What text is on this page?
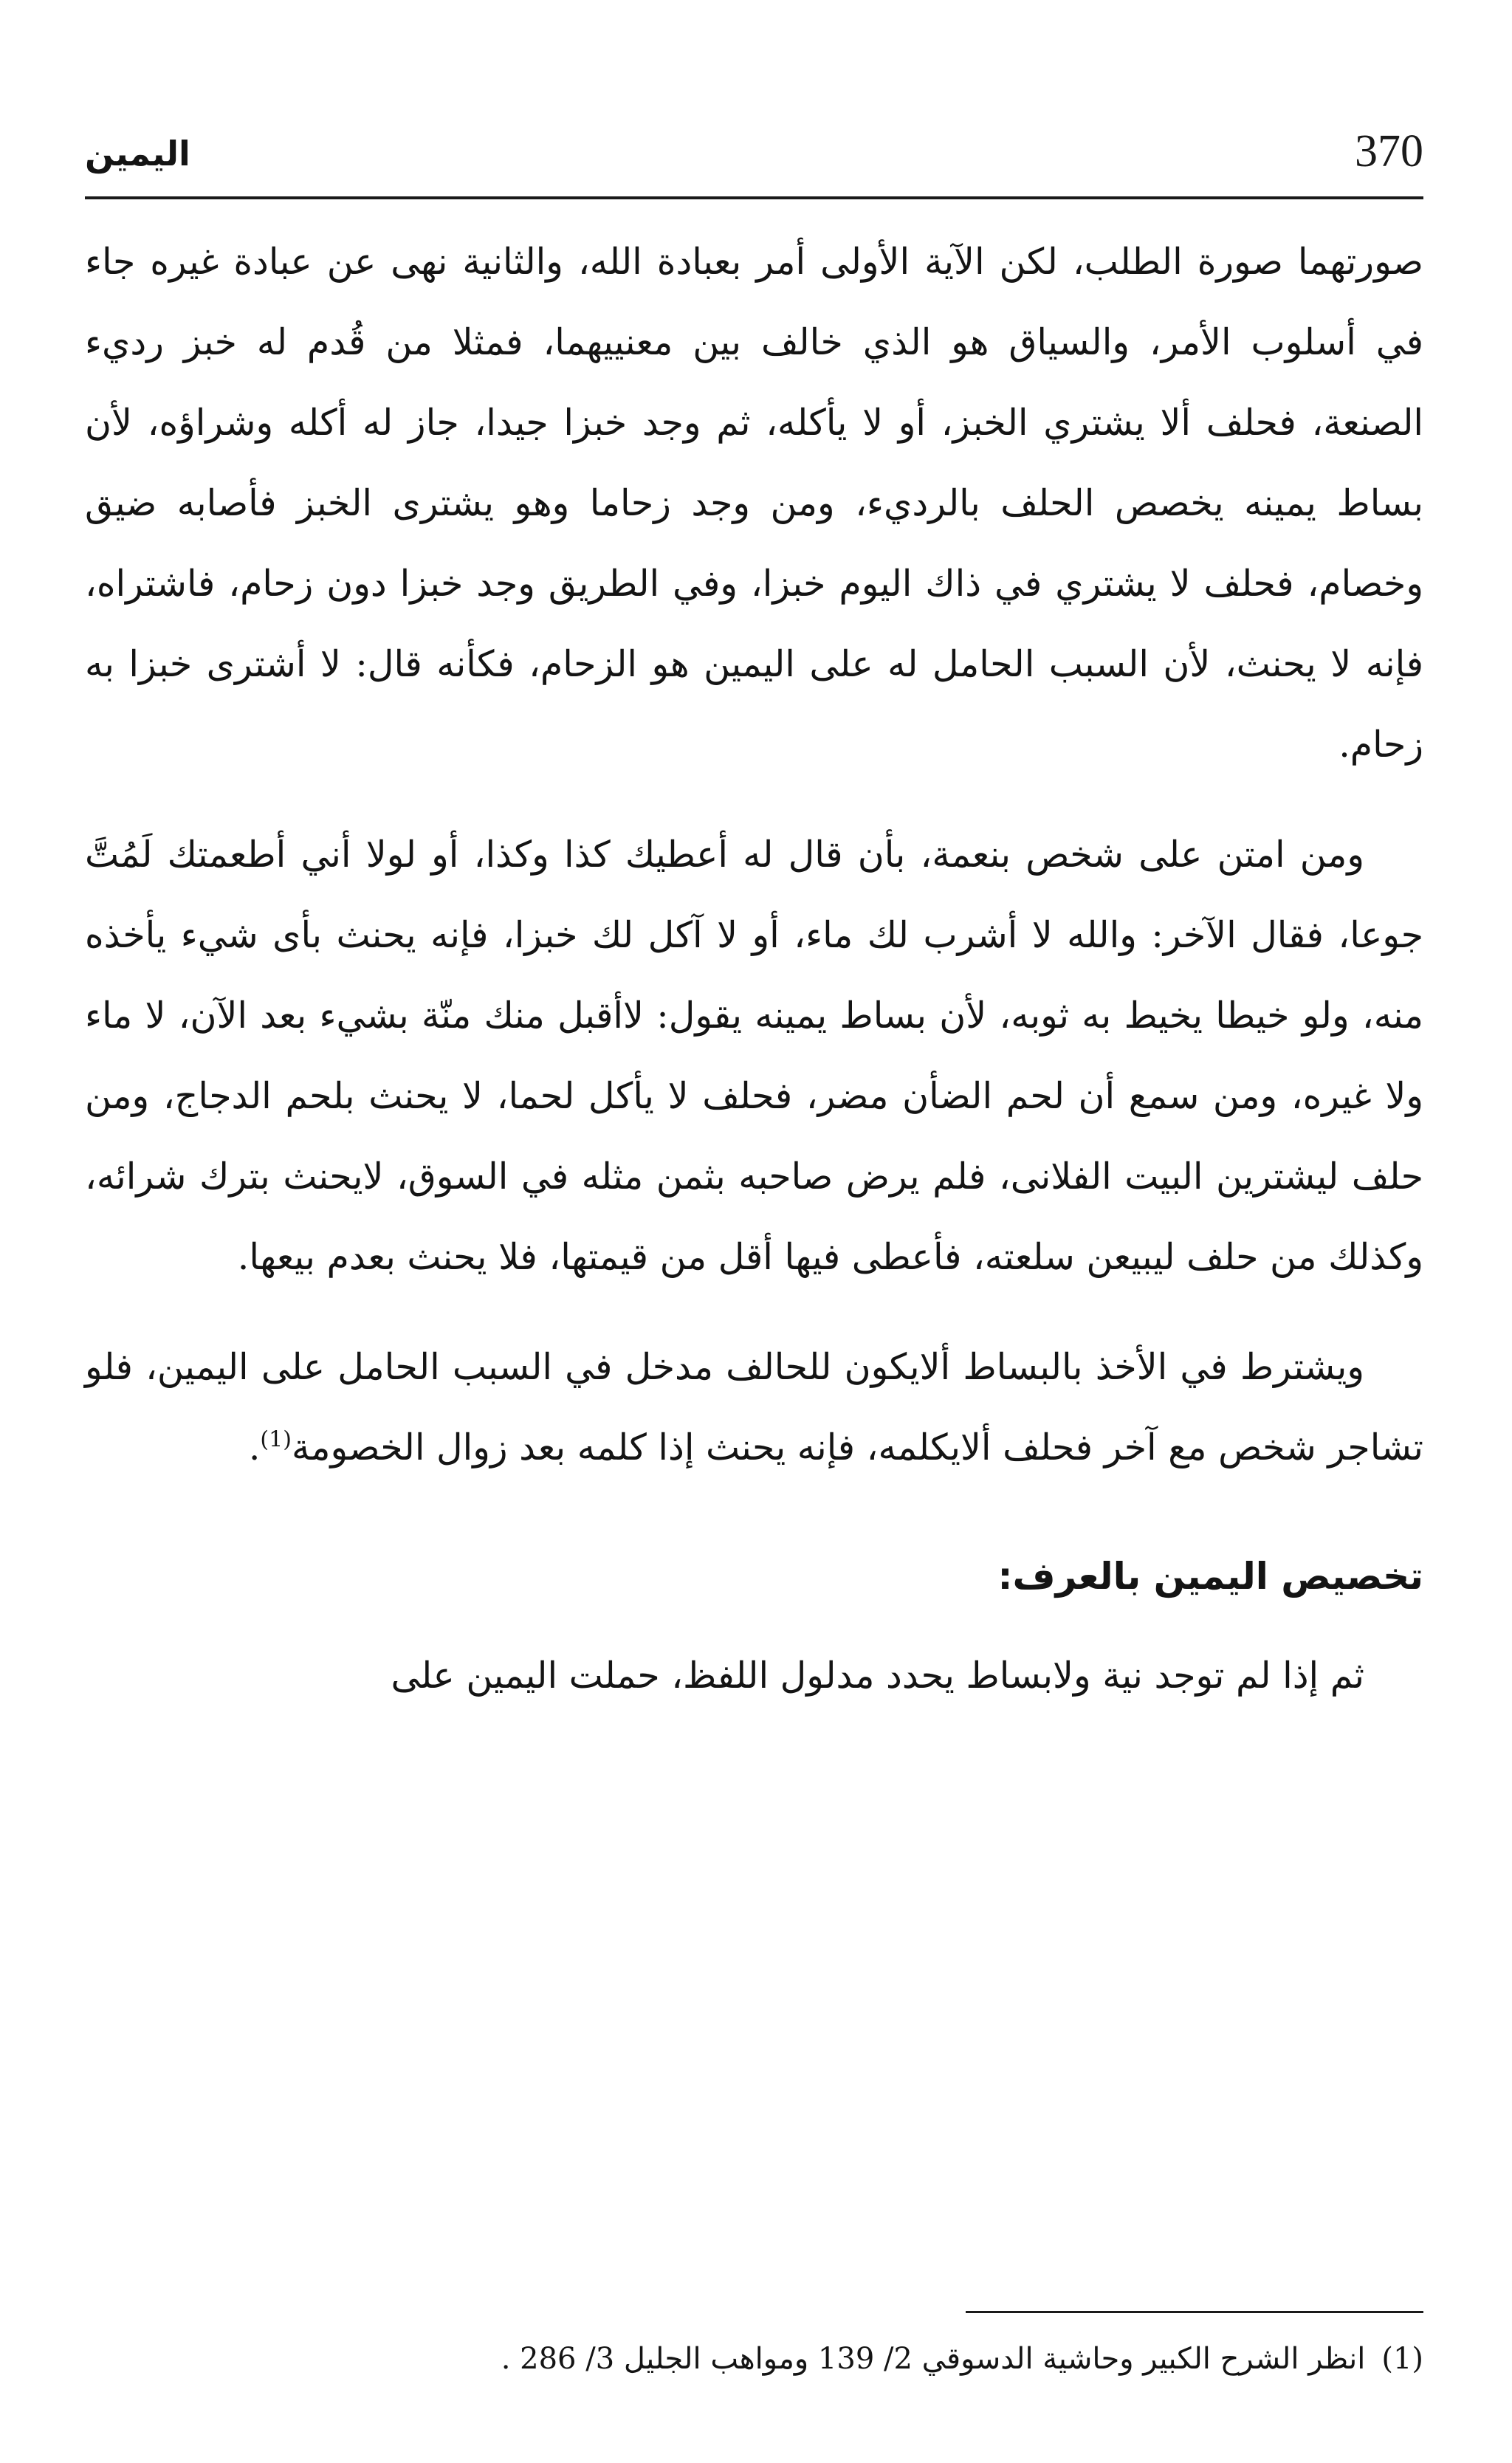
370
اليمين

صورتهما صورة الطلب، لكن الآية الأولى أمر بعبادة الله، والثانية نهى عن عبادة غيره جاء في أسلوب الأمر، والسياق هو الذي خالف بين معنييهما، فمثلا من قُدم له خبز رديء الصنعة، فحلف ألا يشتري الخبز، أو لا يأكله، ثم وجد خبزا جيدا، جاز له أكله وشراؤه، لأن بساط يمينه يخصص الحلف بالرديء، ومن وجد زحاما وهو يشترى الخبز فأصابه ضيق وخصام، فحلف لا يشتري في ذاك اليوم خبزا، وفي الطريق وجد خبزا دون زحام، فاشتراه، فإنه لا يحنث، لأن السبب الحامل له على اليمين هو الزحام، فكأنه قال: لا أشترى خبزا به زحام.

ومن امتن على شخص بنعمة، بأن قال له أعطيك كذا وكذا، أو لولا أني أطعمتك لَمُتَّ جوعا، فقال الآخر: والله لا أشرب لك ماء، أو لا آكل لك خبزا، فإنه يحنث بأى شيء يأخذه منه، ولو خيطا يخيط به ثوبه، لأن بساط يمينه يقول: لاأقبل منك منّة بشيء بعد الآن، لا ماء ولا غيره، ومن سمع أن لحم الضأن مضر، فحلف لا يأكل لحما، لا يحنث بلحم الدجاج، ومن حلف ليشترين البيت الفلانى، فلم يرض صاحبه بثمن مثله في السوق، لايحنث بترك شرائه، وكذلك من حلف ليبيعن سلعته، فأعطى فيها أقل من قيمتها، فلا يحنث بعدم بيعها.

ويشترط في الأخذ بالبساط ألايكون للحالف مدخل في السبب الحامل على اليمين، فلو تشاجر شخص مع آخر فحلف ألايكلمه، فإنه يحنث إذا كلمه بعد زوال الخصومة$^{(1)}$.

تخصيص اليمين بالعرف:

ثم إذا لم توجد نية ولابساط يحدد مدلول اللفظ، حملت اليمين على

(1)انظر الشرح الكبير وحاشية الدسوقي 2/ 139 ومواهب الجليل 3/ 286 .
